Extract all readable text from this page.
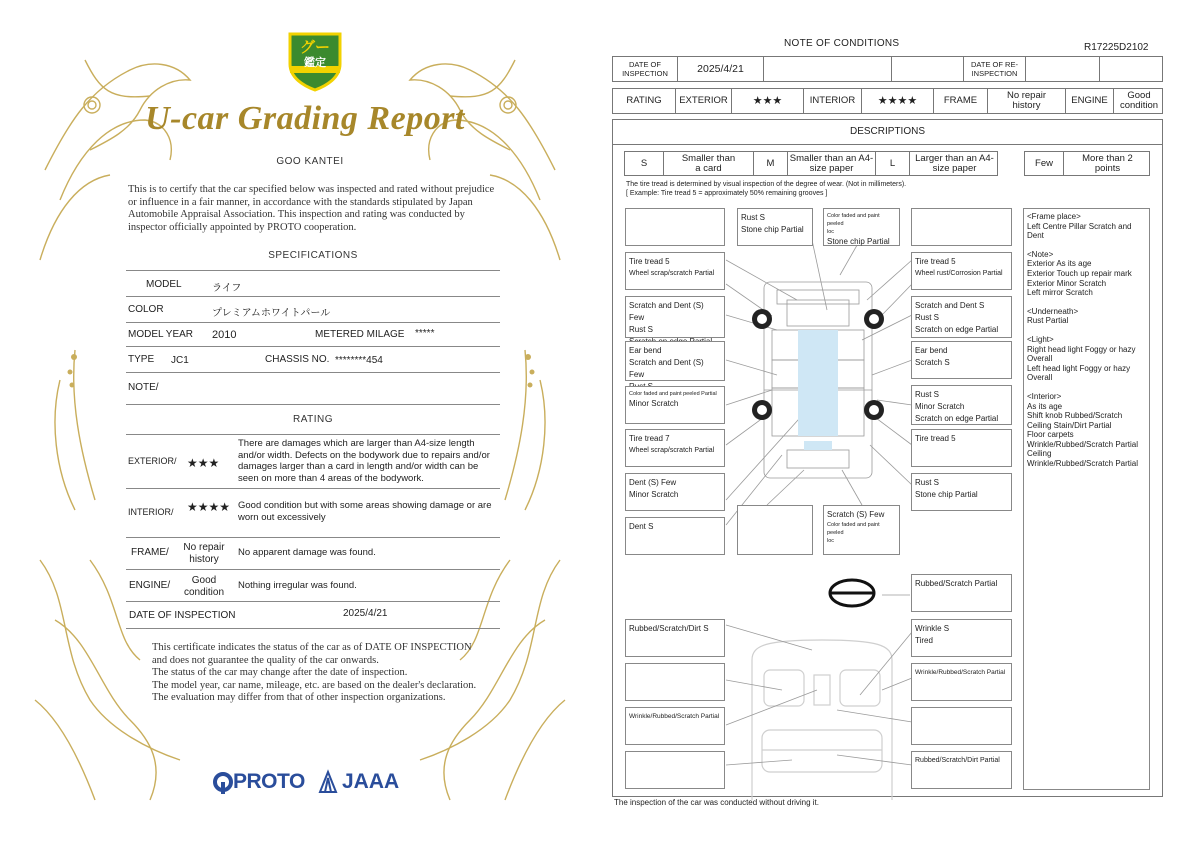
グー
鑑定
U-car Grading Report
GOO KANTEI
This is to certify that the car specified below was inspected and rated without prejudice or influence in a fair manner, in accordance with the standards stipulated by Japan Automobile Appraisal Association. This inspection and rating was conducted by inspector officially appointed by PROTO cooperation.
SPECIFICATIONS
MODEL	ライフ
COLOR	プレミアムホワイトパール
MODEL YEAR 2010	METERED MILAGE *****
TYPE JC1	CHASSIS NO. ********454
NOTE/
RATING
EXTERIOR/ ★★★
There are damages which are larger than A4-size length and/or width. Defects on the bodywork due to repairs and/or damages larger than a card in length and/or width can be seen on more than 4 areas of the bodywork.
INTERIOR/ ★★★★ Good condition but with some areas showing damage or are worn out excessively
FRAME/	No repair history
No apparent damage was found.
ENGINE/	Good condition
Nothing irregular was found.
DATE OF INSPECTION	2025/4/21
This certificate indicates the status of the car as of DATE OF INSPECTION and does not guarantee the quality of the car onwards.
The status of the car may change after the date of inspection.
The model year, car name, mileage, etc. are based on the dealer's declaration.
The evaluation may differ from that of other inspection organizations.
PROTO JAAA
NOTE OF CONDITIONS	R17225D2102
DATE OF INSPECTION	2025/4/21	DATE OF RE-INSPECTION
RATING	EXTERIOR	★★★	INTERIOR	★★★★	FRAME	No repair history	ENGINE	Good condition
DESCRIPTIONS
S	Smaller than a card	M	Smaller than an A4-size paper	L	Larger than an A4-size paper	Few	More than 2 points
The tire tread is determined by visual inspection of the degree of wear. (Not in millimeters).
[ Example: Tire tread 5 = approximately 50% remaining grooves ]
Rust S
Stone chip Partial
Color faded and paint peeled
loc
Stone chip Partial
Tire tread 5
Wheel scrap/scratch Partial
Scratch and Dent (S) Few
Rust S
Ear bend
Scratch and Dent (S) Few
Color faded and paint peeled Partial
Minor Scratch
Tire tread 7
Wheel scrap/scratch Partial
Dent (S) Few
Minor Scratch
Dent S
Scratch (S) Few
Color faded and paint peeled
loc
Tire tread 5
Wheel rust/Corrosion Partial
Scratch and Dent S
Rust S
Scratch on edge Partial
Ear bend
Scratch S
Rust S
Minor Scratch
Scratch on edge Partial
Tire tread 5
Rust S
Stone chip Partial
Rubbed/Scratch Partial
Wrinkle S
Tired
Wrinkle/Rubbed/Scratch Partial
Rubbed/Scratch/Dirt Partial
Rubbed/Scratch/Dirt S
Wrinkle/Rubbed/Scratch Partial
<Frame place>
Left Centre Pillar Scratch and Dent
<Note>
Exterior As its age
Exterior Touch up repair mark
Exterior Minor Scratch
Left mirror Scratch
<Underneath>
Rust Partial
<Light>
Right head light Foggy or hazy Overall
Left head light Foggy or hazy Overall
<Interior>
As its age
Shift knob Rubbed/Scratch
Ceiling Stain/Dirt Partial
Floor carpets
Wrinkle/Rubbed/Scratch Partial
Ceiling
Wrinkle/Rubbed/Scratch Partial
The inspection of the car was conducted without driving it.
